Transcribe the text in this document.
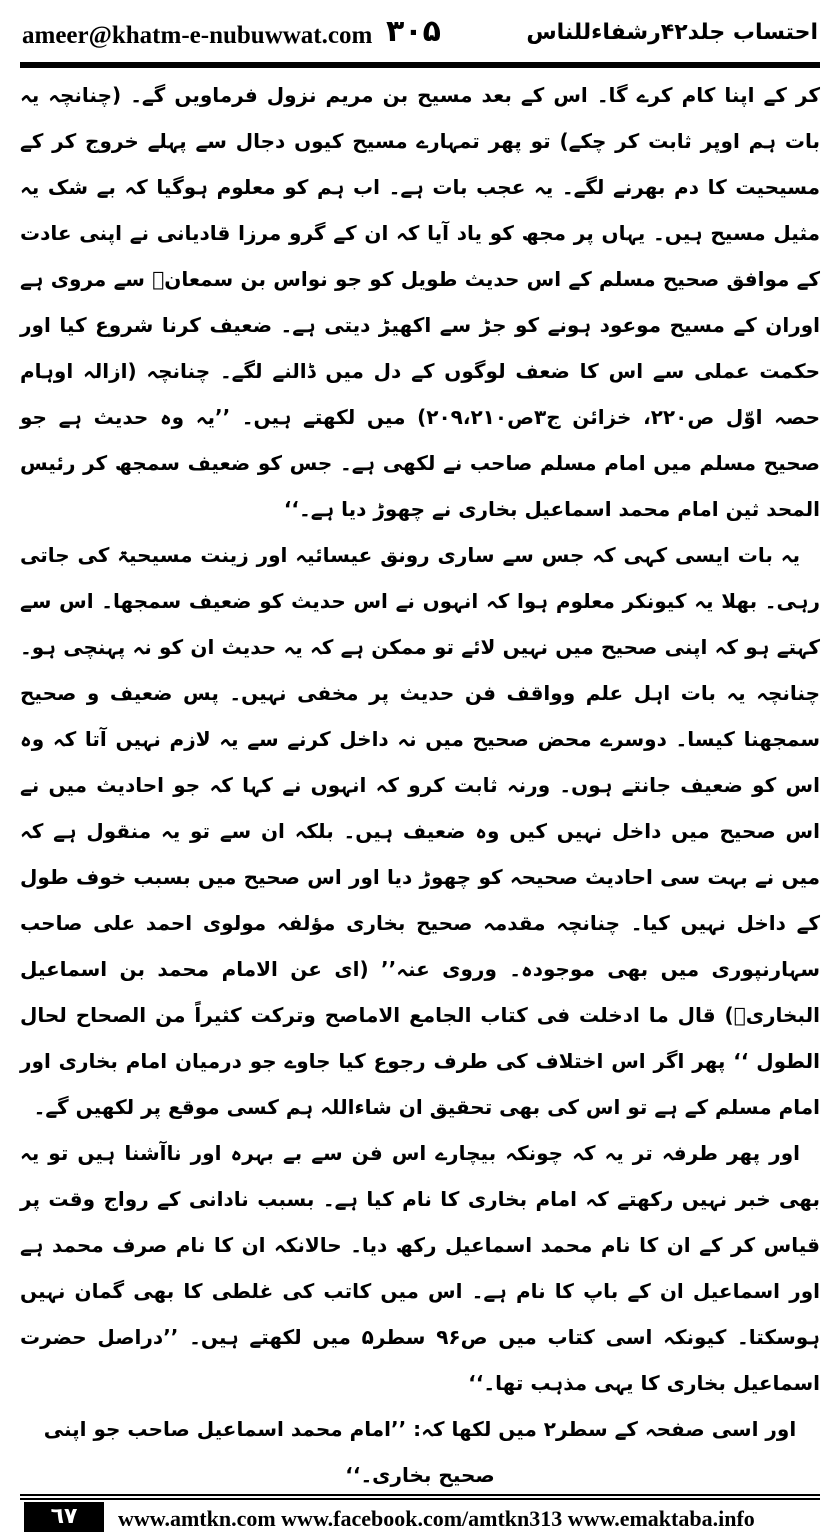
ameer@khatm-e-nubuwwat.com ۳۰۵	احتساب جلد۴۲رشفاءللناس

کر کے اپنا کام کرے گا۔ اس کے بعد مسیح بن مریم نزول فرماویں گے۔ (چنانچہ یہ بات ہم اوپر ثابت کر چکے) تو پھر تمہارے مسیح کیوں دجال سے پہلے خروج کر کے مسیحیت کا دم بھرنے لگے۔ یہ عجب بات ہے۔ اب ہم کو معلوم ہوگیا کہ بے شک یہ مثیل مسیح ہیں۔ یہاں پر مجھ کو یاد آیا کہ ان کے گرو مرزا قادیانی نے اپنی عادت کے موافق صحیح مسلم کے اس حدیث طویل کو جو نواس بن سمعانؓ سے مروی ہے اوران کے مسیح موعود ہونے کو جڑ سے اکھیڑ دیتی ہے۔ ضعیف کرنا شروع کیا اور حکمت عملی سے اس کا ضعف لوگوں کے دل میں ڈالنے لگے۔ چنانچہ (ازالہ اوہام حصہ اوّل ص۲۲۰، خزائن ج۳ص۲۰۹،۲۱۰) میں لکھتے ہیں۔ ’’یہ وہ حدیث ہے جو صحیح مسلم میں امام مسلم صاحب نے لکھی ہے۔ جس کو ضعیف سمجھ کر رئیس المحد ثین امام محمد اسماعیل بخاری نے چھوڑ دیا ہے۔‘‘

یہ بات ایسی کہی کہ جس سے ساری رونق عیسائیہ اور زینت مسیحیۃ کی جاتی رہی۔ بھلا یہ کیونکر معلوم ہوا کہ انہوں نے اس حدیث کو ضعیف سمجھا۔ اس سے کہتے ہو کہ اپنی صحیح میں نہیں لائے تو ممکن ہے کہ یہ حدیث ان کو نہ پہنچی ہو۔ چنانچہ یہ بات اہل علم وواقف فن حدیث پر مخفی نہیں۔ پس ضعیف و صحیح سمجھنا کیسا۔ دوسرے محض صحیح میں نہ داخل کرنے سے یہ لازم نہیں آتا کہ وہ اس کو ضعیف جانتے ہوں۔ ورنہ ثابت کرو کہ انہوں نے کہا کہ جو احادیث میں نے اس صحیح میں داخل نہیں کیں وہ ضعیف ہیں۔ بلکہ ان سے تو یہ منقول ہے کہ میں نے بہت سی احادیث صحیحہ کو چھوڑ دیا اور اس صحیح میں بسبب خوف طول کے داخل نہیں کیا۔ چنانچہ مقدمہ صحیح بخاری مؤلفہ مولوی احمد علی صاحب سہارنپوری میں بھی موجودہ۔ وروی عنہ’’ (ای عن الامام محمد بن اسماعیل البخاریؒ) قال ما ادخلت فی کتاب الجامع الاماصح وترکت کثیراً من الصحاح لحال الطول ‘‘ پھر اگر اس اختلاف کی طرف رجوع کیا جاوے جو درمیان امام بخاری اور امام مسلم کے ہے تو اس کی بھی تحقیق ان شاءاللہ ہم کسی موقع پر لکھیں گے۔

اور پھر طرفہ تر یہ کہ چونکہ بیچارے اس فن سے بے بہرہ اور ناآشنا ہیں تو یہ بھی خبر نہیں رکھتے کہ امام بخاری کا نام کیا ہے۔ بسبب نادانی کے رواج وقت پر قیاس کر کے ان کا نام محمد اسماعیل رکھ دیا۔ حالانکہ ان کا نام صرف محمد ہے اور اسماعیل ان کے باپ کا نام ہے۔ اس میں کاتب کی غلطی کا بھی گمان نہیں ہوسکتا۔ کیونکہ اسی کتاب میں ص۹۶ سطر۵ میں لکھتے ہیں۔ ’’دراصل حضرت اسماعیل بخاری کا یہی مذہب تھا۔‘‘

اور اسی صفحہ کے سطر۲ میں لکھا کہ: ’’امام محمد اسماعیل صاحب جو اپنی صحیح بخاری۔‘‘

٦٧	www.amtkn.com www.facebook.com/amtkn313 www.emaktaba.info
